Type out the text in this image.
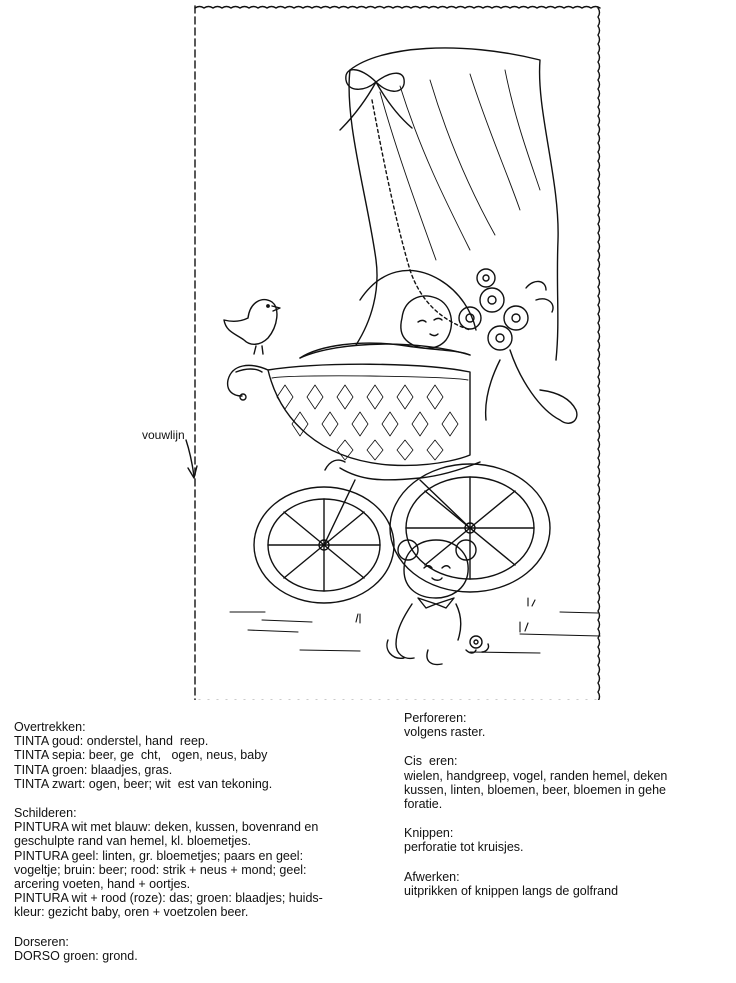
vouwlijn
Overtrekken:
TINTA goud: onderstel, hand  reep.
TINTA sepia: beer, ge  cht,   ogen, neus, baby
TINTA groen: blaadjes, gras.
TINTA zwart: ogen, beer; wit  est van tekoning.
Schilderen:
PINTURA wit met blauw: deken, kussen, bovenrand en
geschulpte rand van hemel, kl. bloemetjes.
PINTURA geel: linten, gr. bloemetjes; paars en geel:
vogeltje; bruin: beer; rood: strik + neus + mond; geel:
arcering voeten, hand + oortjes.
PINTURA wit + rood (roze): das; groen: blaadjes; huids-
kleur: gezicht baby, oren + voetzolen beer.
Dorseren:
DORSO groen: grond.
Perforeren:
volgens raster.
Cis  eren:
wielen, handgreep, vogel, randen hemel, deken
kussen, linten, bloemen, beer, bloemen in gehe
foratie.
Knippen:
perforatie tot kruisjes.
Afwerken:
uitprikken of knippen langs de golfrand
